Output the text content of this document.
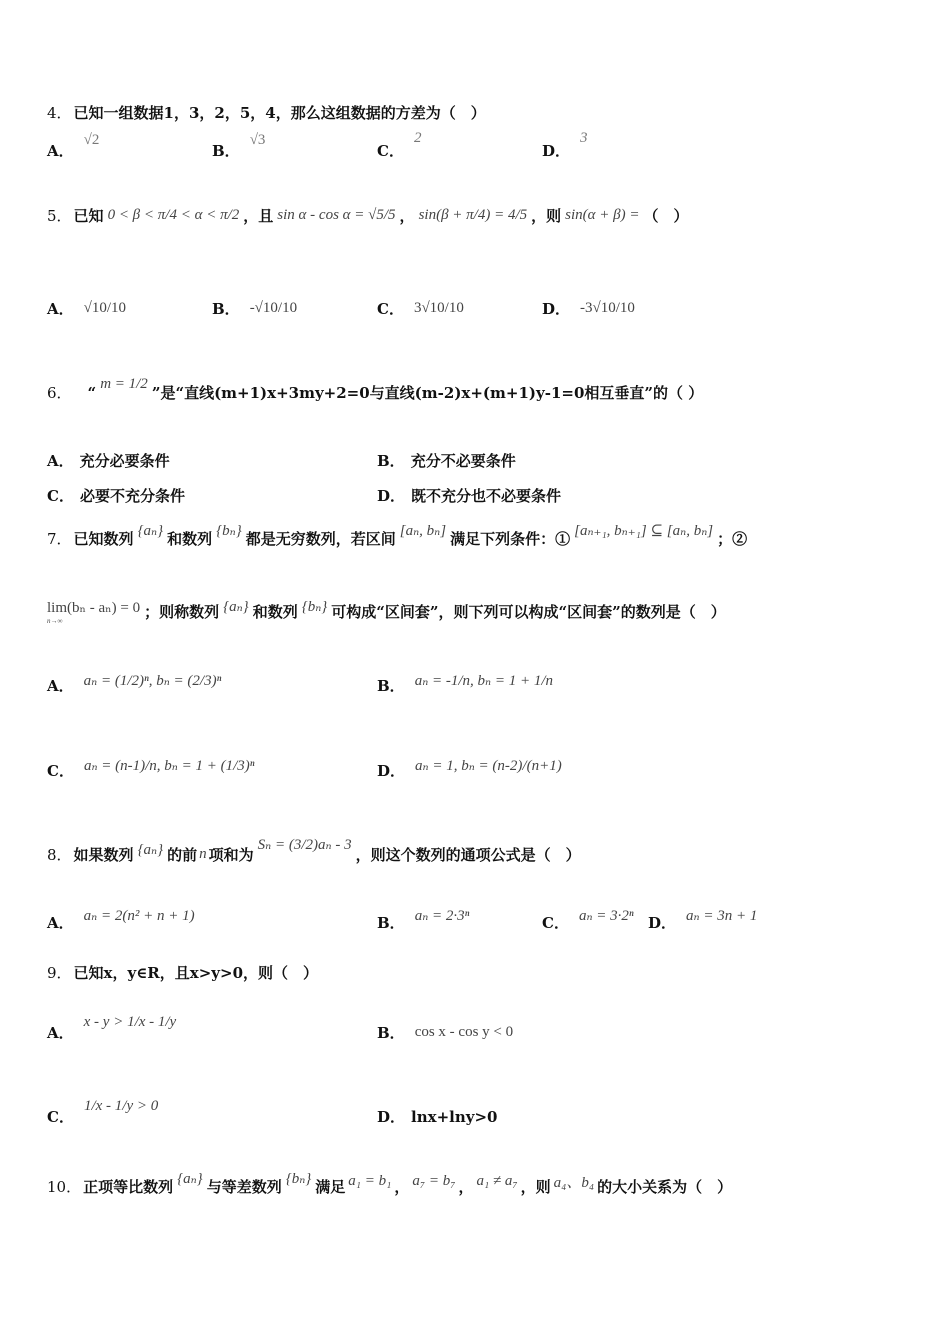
4． 已知一组数据1，3，2，5，4，那么这组数据的方差为（　）
A．
√2
B．
√3
C．
2
D．
3
5． 已知 0 < β < π/4 < α < π/2 ，且 sin α - cos α = √5/5 ， sin(β + π/4) = 4/5 ，则 sin(α + β) = （　）
A． √10/10	B． -√10/10	C． 3√10/10	D． -3√10/10
6． “ m = 1/2 ”是“直线(m+1)x+3my+2=0与直线(m-2)x+(m+1)y-1=0相互垂直”的（ ）
A． 充分必要条件	B． 充分不必要条件
C． 必要不充分条件	D． 既不充分也不必要条件
7． 已知数列 {aₙ} 和数列 {bₙ} 都是无穷数列，若区间 [aₙ, bₙ] 满足下列条件：① [aₙ₊₁, bₙ₊₁] ⊆ [aₙ, bₙ] ；②
lim(bₙ - aₙ) = 0
n→∞	；则称数列 {aₙ} 和数列 {bₙ} 可构成“区间套”，则下列可以构成“区间套”的数列是（　）
A． aₙ = (1/2)ⁿ, bₙ = (2/3)ⁿ	B． aₙ = -1/n, bₙ = 1 + 1/n
C． aₙ = (n-1)/n, bₙ = 1 + (1/3)ⁿ	D． aₙ = 1, bₙ = (n-2)/(n+1)
8． 如果数列 {aₙ} 的前 n 项和为
Sₙ = (3/2)aₙ - 3
，则这个数列的通项公式是（　）
A． aₙ = 2(n² + n + 1)	B． aₙ = 2·3ⁿ	C． aₙ = 3·2ⁿ D． aₙ = 3n + 1
9． 已知x，y∈R，且x>y>0，则（　）
A．
x - y > 1/x - 1/y
B． cos x - cos y < 0
C．
1/x - 1/y > 0
D． lnx+lny>0
10． 正项等比数列 {aₙ} 与等差数列 {bₙ} 满足 a₁ = b₁ ， a₇ = b₇ ， a₁ ≠ a₇ ，则 a₄、b₄ 的大小关系为（　）
